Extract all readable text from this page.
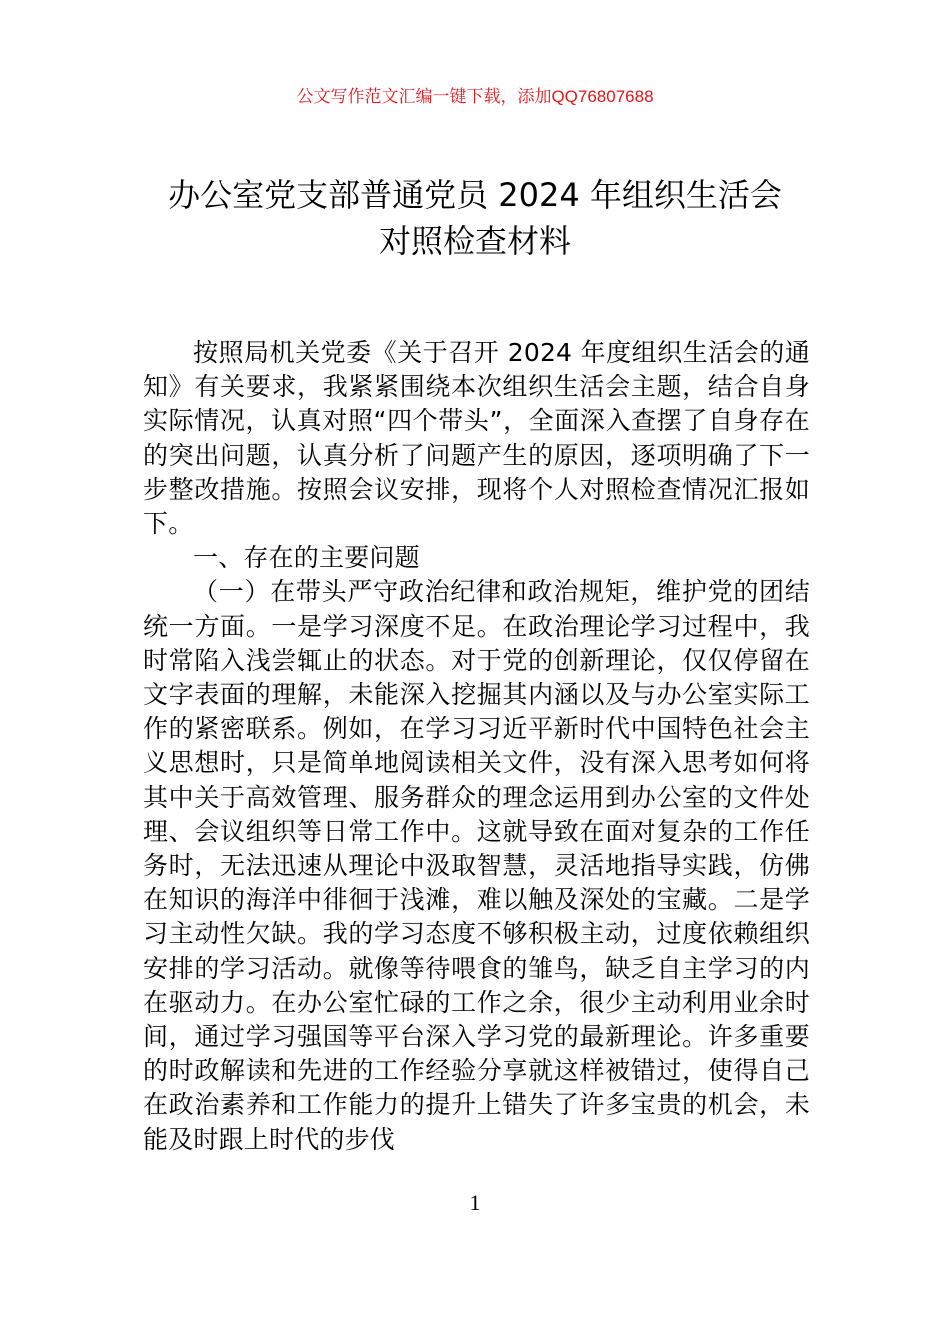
公文写作范文汇编一键下载，添加QQ76807688
办公室党支部普通党员 2024 年组织生活会
对照检查材料

按照局机关党委《关于召开 2024 年度组织生活会的通知》有关要求，我紧紧围绕本次组织生活会主题，结合自身实际情况，认真对照“四个带头”，全面深入查摆了自身存在的突出问题，认真分析了问题产生的原因，逐项明确了下一步整改措施。按照会议安排，现将个人对照检查情况汇报如下。

一、存在的主要问题

（一）在带头严守政治纪律和政治规矩，维护党的团结统一方面。一是学习深度不足。在政治理论学习过程中，我时常陷入浅尝辄止的状态。对于党的创新理论，仅仅停留在文字表面的理解，未能深入挖掘其内涵以及与办公室实际工作的紧密联系。例如，在学习习近平新时代中国特色社会主义思想时，只是简单地阅读相关文件，没有深入思考如何将其中关于高效管理、服务群众的理念运用到办公室的文件处理、会议组织等日常工作中。这就导致在面对复杂的工作任务时，无法迅速从理论中汲取智慧，灵活地指导实践，仿佛在知识的海洋中徘徊于浅滩，难以触及深处的宝藏。二是学习主动性欠缺。我的学习态度不够积极主动，过度依赖组织安排的学习活动。就像等待喂食的雏鸟，缺乏自主学习的内在驱动力。在办公室忙碌的工作之余，很少主动利用业余时间，通过学习强国等平台深入学习党的最新理论。许多重要的时政解读和先进的工作经验分享就这样被错过，使得自己在政治素养和工作能力的提升上错失了许多宝贵的机会，未能及时跟上时代的步伐

1
